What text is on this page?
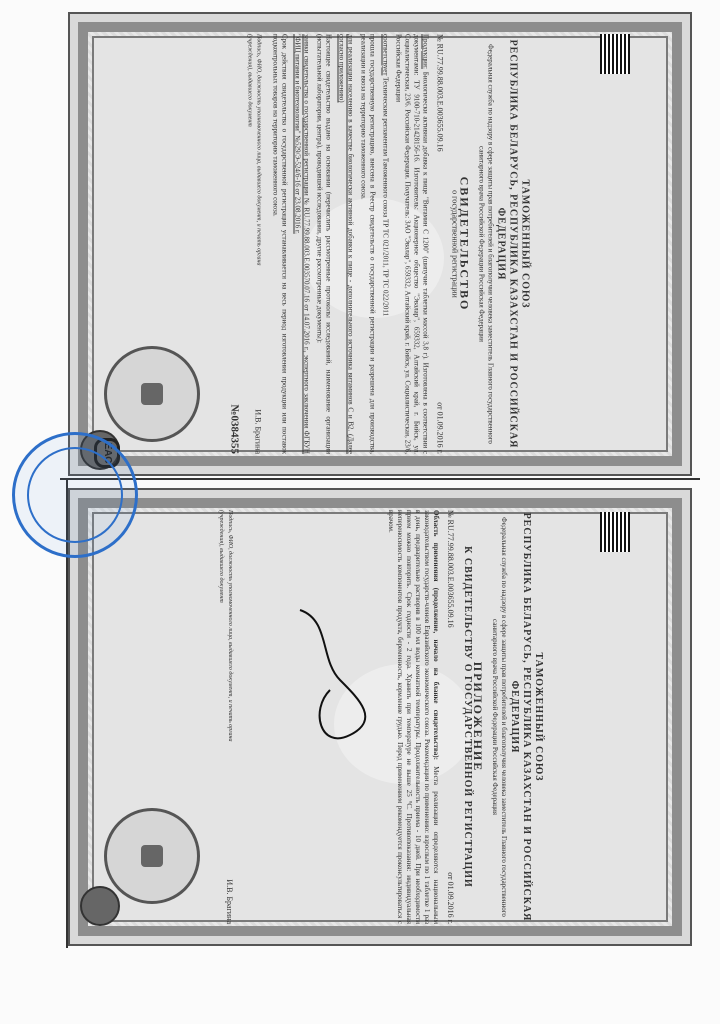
ТАМОЖЕННЫЙ СОЮЗ
РЕСПУБЛИКА БЕЛАРУСЬ, РЕСПУБЛИКА КАЗАХСТАН И РОССИЙСКАЯ ФЕДЕРАЦИЯ
Федеральная служба по надзору в сфере защиты прав потребителей и благополучия человека заместитель Главного государственного санитарного врача Российской Федерации Российская Федерация
СВИДЕТЕЛЬСТВО
о государственной регистрации
№ RU.77.99.88.003.Е.003655.09.16
от 01.09.2016 г.
Продукция: Биологически активная добавка к пище "Витамин С 1200" (шипучие таблетки массой 3,8 г). Изготовлена в соответствии с документами: ТУ 9100-710-21428156-16. Изготовитель: Акционерное общество "Эвалар", 659332, Алтайский край, г. Бийск, ул. Социалистическая, 23/6. Российская Федерация. Получатель: ЗАО "Эвалар", 659332, Алтайский край, г. Бийск, ул. Социалистическая, 23/6, Российская Федерация
соответствует Техническим регламентам Таможенного союза ТР ТС 021/2011, ТР ТС 022/2011
прошла государственную регистрацию, внесена в Реестр свидетельств о государственной регистрации и разрешена для производства, реализации и ввоза на территорию таможенного союза.
для реализации населению в качестве биологически активной добавки к пище - дополнительного источника витаминов С и В2. (Далее согласно приложению)
Настоящее свидетельство выдано на основании (перечислить рассмотренные протоколы исследований, наименование организации (испытательной лаборатории, центра), проводившей исследования, другие рассмотренные документы):
заявки свидетельства о государственной регистрации № RU.77.99.88.003.Е.003570.07.16 от 14.07.2016 г., экспертного заключения ФГБУН "ФИЦ питания и биотехнологии" №529/Э-524/б-16 от 23.08.2016 г.
Срок действия свидетельства о государственной регистрации устанавливается на весь период изготовления продукции или поставок подконтрольных товаров на территорию таможенного союза.
Подпись, ФИО, должность уполномоченного лица, выдавшего документ, и печать органа (учреждения), выдавшего документ
И.В. Брагина
№0384355
ТАМОЖЕННЫЙ СОЮЗ
РЕСПУБЛИКА БЕЛАРУСЬ, РЕСПУБЛИКА КАЗАХСТАН И РОССИЙСКАЯ ФЕДЕРАЦИЯ
Федеральная служба по надзору в сфере защиты прав потребителей и благополучия человека заместитель Главного государственного санитарного врача Российской Федерации Российская Федерация
ПРИЛОЖЕНИЕ
К СВИДЕТЕЛЬСТВУ О ГОСУДАРСТВЕННОЙ РЕГИСТРАЦИИ
№ RU.77.99.88.003.Е.003655.09.16
от 01.09.2016 г.
Область применения (продолжение, начало на бланке свидетельства): Места реализации определяются национальным законодательством государств-членов Евразийского экономического союза. Рекомендации по применению: взрослым по 1 таблетке 1 раз в день, предварительно растворив в 100 мл воды комнатной температуры. Продолжительность приема - 10 дней. При необходимости прием можно повторить. Срок годности - 2 года. Хранить при температуре не выше 25 °С. Противопоказания: индивидуальная непереносимость компонентов продукта, беременность, кормление грудью. Перед применением рекомендуется проконсультироваться с врачом.
Подпись, ФИО, должность уполномоченного лица, выдавшего документ, и печать органа (учреждения), выдавшего документ
И.В. Брагина
ЕАС
